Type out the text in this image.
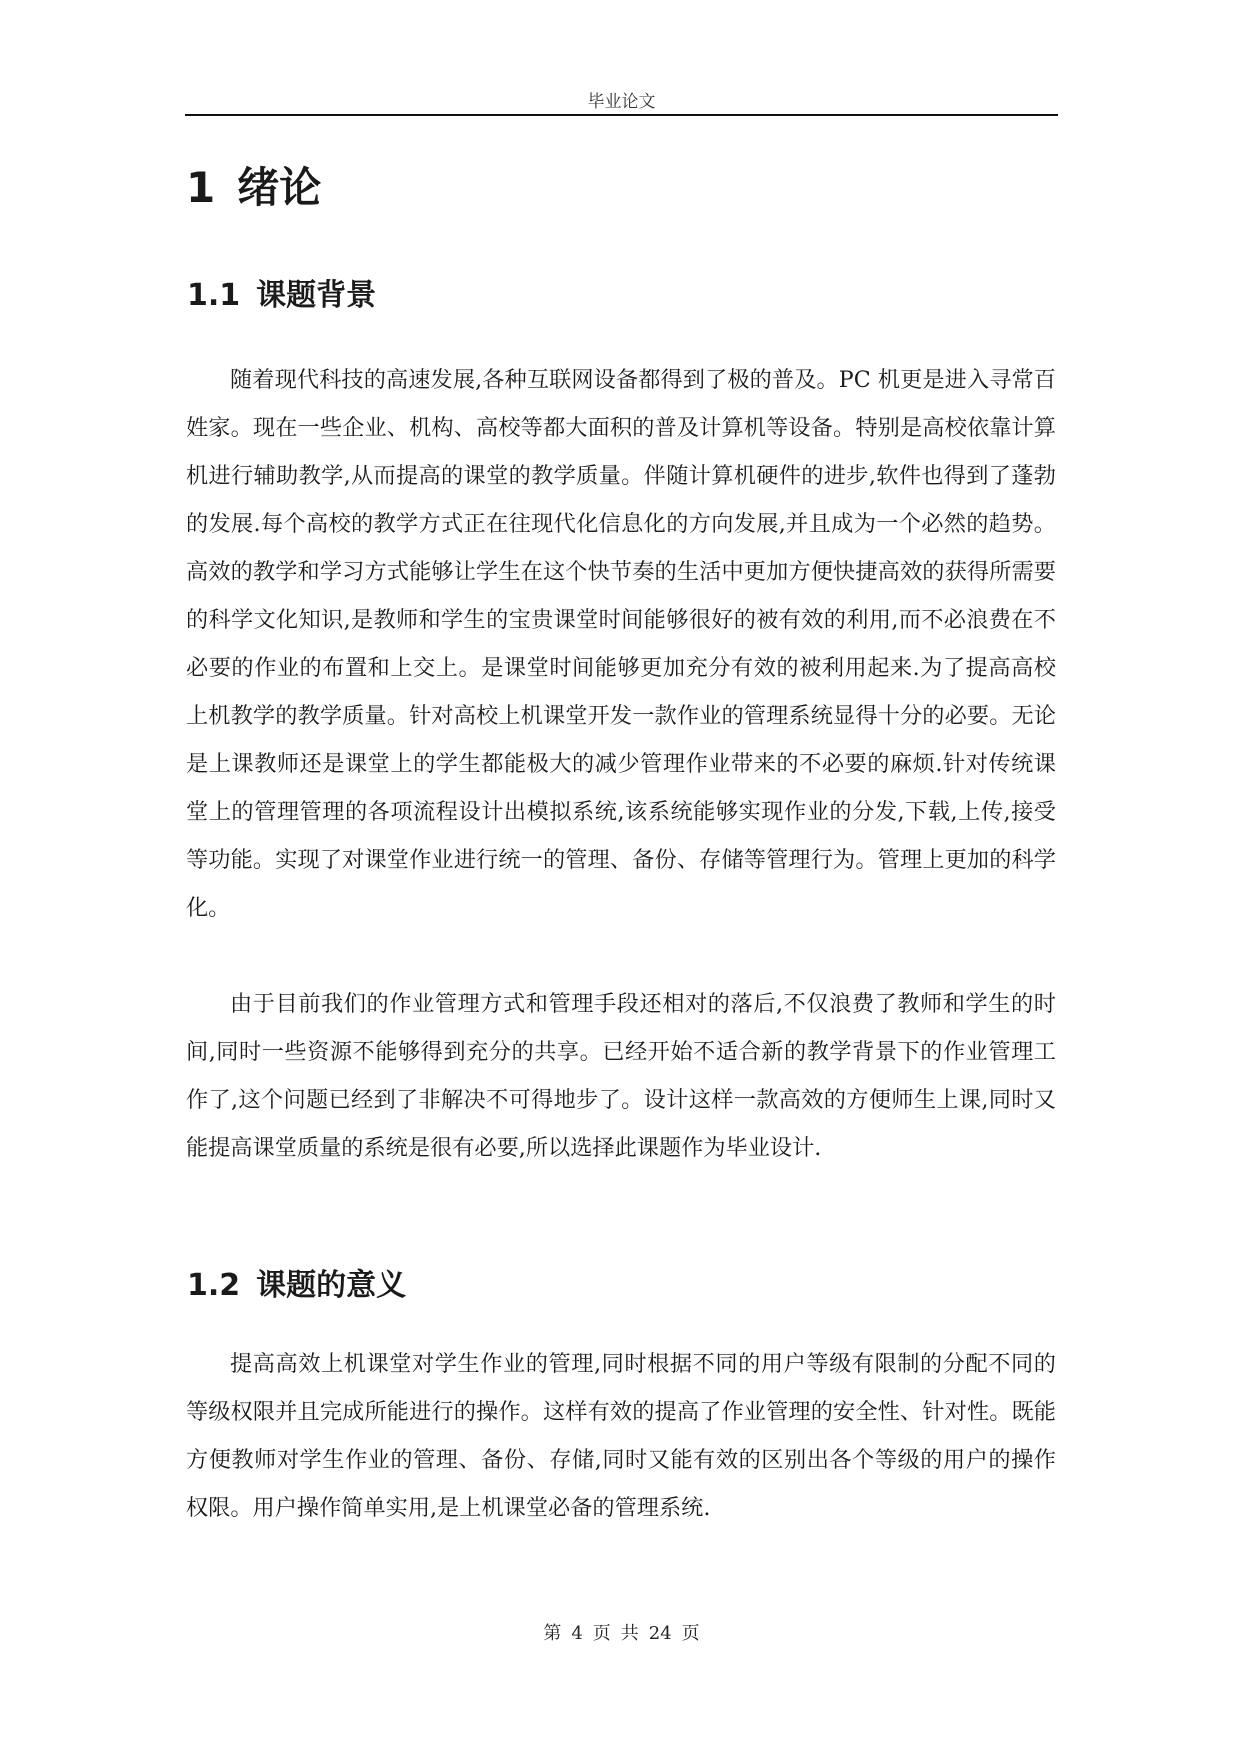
毕业论文
1 绪论
1.1 课题背景

随着现代科技的高速发展,各种互联网设备都得到了极的普及。PC 机更是进入寻常百姓家。现在一些企业、机构、高校等都大面积的普及计算机等设备。特别是高校依靠计算机进行辅助教学,从而提高的课堂的教学质量。伴随计算机硬件的进步,软件也得到了蓬勃的发展.每个高校的教学方式正在往现代化信息化的方向发展,并且成为一个必然的趋势。高效的教学和学习方式能够让学生在这个快节奏的生活中更加方便快捷高效的获得所需要的科学文化知识,是教师和学生的宝贵课堂时间能够很好的被有效的利用,而不必浪费在不必要的作业的布置和上交上。是课堂时间能够更加充分有效的被利用起来.为了提高高校上机教学的教学质量。针对高校上机课堂开发一款作业的管理系统显得十分的必要。无论是上课教师还是课堂上的学生都能极大的减少管理作业带来的不必要的麻烦.针对传统课堂上的管理管理的各项流程设计出模拟系统,该系统能够实现作业的分发,下载,上传,接受等功能。实现了对课堂作业进行统一的管理、备份、存储等管理行为。管理上更加的科学化。

由于目前我们的作业管理方式和管理手段还相对的落后,不仅浪费了教师和学生的时间,同时一些资源不能够得到充分的共享。已经开始不适合新的教学背景下的作业管理工作了,这个问题已经到了非解决不可得地步了。设计这样一款高效的方便师生上课,同时又能提高课堂质量的系统是很有必要,所以选择此课题作为毕业设计.

1.2 课题的意义

提高高效上机课堂对学生作业的管理,同时根据不同的用户等级有限制的分配不同的等级权限并且完成所能进行的操作。这样有效的提高了作业管理的安全性、针对性。既能方便教师对学生作业的管理、备份、存储,同时又能有效的区别出各个等级的用户的操作权限。用户操作简单实用,是上机课堂必备的管理系统.

第 4 页 共 24 页
